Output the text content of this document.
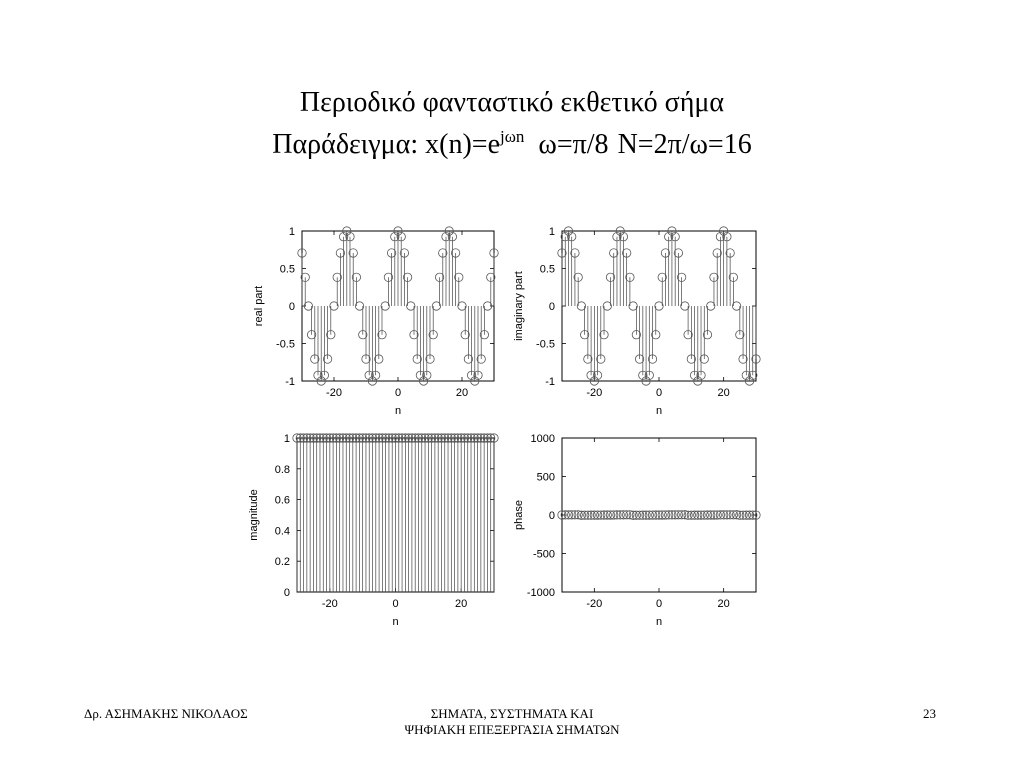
Περιοδικό φανταστικό εκθετικό σήμα
Παράδειγμα: $x(n)=e^{j\omega n}$ ω=π/8 N=2π/ω=16
-1
-0.5
0
0.5
1
-20	0	20
n
real part
-1
-0.5
0
0.5
1
-20	0	20
n
imaginary part
0
0.2
0.4
0.6
0.8
1
-20	0	20
n
magnitude
-1000
-500
0
500
1000
-20	0	20
n
phase
Δρ. ΑΣΗΜΑΚΗΣ ΝΙΚΟΛΑΟΣ	ΣΗΜΑΤΑ, ΣΥΣΤΗΜΑΤΑ ΚΑΙ
ΨΗΦΙΑΚΗ ΕΠΕΞΕΡΓΑΣΙΑ ΣΗΜΑΤΩΝ
23
